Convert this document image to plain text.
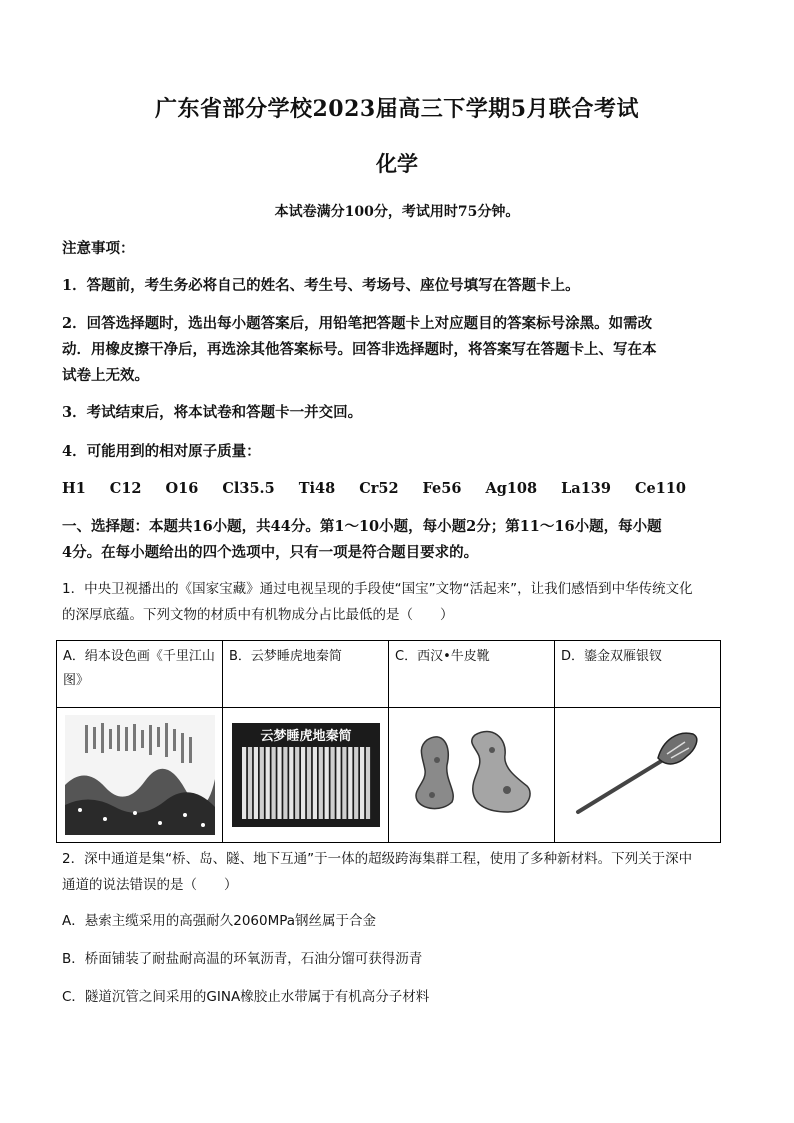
广东省部分学校2023届高三下学期5月联合考试
化学
本试卷满分100分，考试用时75分钟。
注意事项：
1．答题前，考生务必将自己的姓名、考生号、考场号、座位号填写在答题卡上。
2．回答选择题时，选出每小题答案后，用铅笔把答题卡上对应题目的答案标号涂黑。如需改
动．用橡皮擦干净后，再选涂其他答案标号。回答非选择题时，将答案写在答题卡上、写在本
试卷上无效。
3．考试结束后，将本试卷和答题卡一并交回。
4．可能用到的相对原子质量：
H1 C12 O16 Cl35.5 Ti48 Cr52 Fe56 Ag108 La139 Ce110
一、选择题：本题共16小题，共44分。第1～10小题，每小题2分；第11～16小题，每小题
4分。在每小题给出的四个选项中，只有一项是符合题目要求的。
1．中央卫视播出的《国家宝藏》通过电视呈现的手段使“国宝”文物“活起来”，让我们感悟到中华传统文化
的深厚底蕴。下列文物的材质中有机物成分占比最低的是（　　）
A．绢本设色画《千里江山图》	B．云梦睡虎地秦简	C．西汉•牛皮靴	D．鎏金双雁银钗

云梦睡虎地秦简

2．深中通道是集“桥、岛、隧、地下互通”于一体的超级跨海集群工程，使用了多种新材料。下列关于深中
通道的说法错误的是（　　）
A．悬索主缆采用的高强耐久2060MPa钢丝属于合金
B．桥面铺装了耐盐耐高温的环氧沥青，石油分馏可获得沥青
C．隧道沉管之间采用的GINA橡胶止水带属于有机高分子材料
